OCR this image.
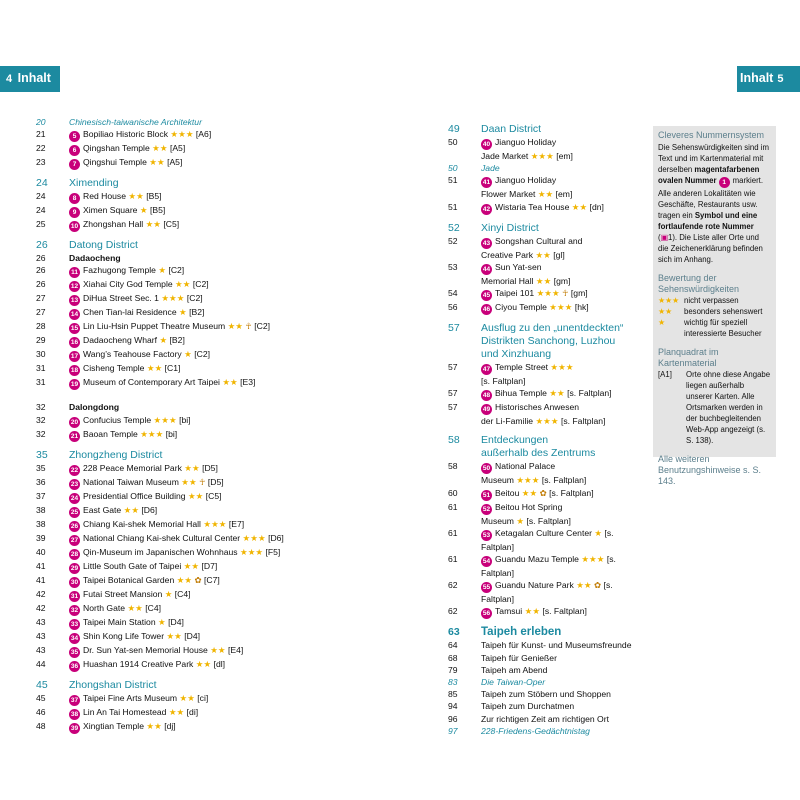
4 Inhalt	Inhalt 5
20	Chinesisch-taiwanische Architektur
21	5 Bopiliao Historic Block ★★★ [A6]
22	6 Qingshan Temple ★★ [A5]
23	7 Qingshui Temple ★★ [A5]
24	Ximending
24	8 Red House ★★ [B5]
24	9 Ximen Square ★ [B5]
25	10 Zhongshan Hall ★★ [C5]
26	Datong District
26	Dadaocheng
26	11 Fazhugong Temple ★ [C2]
26	12 Xiahai City God Temple ★★ [C2]
27	13 DiHua Street Sec. 1 ★★★ [C2]
27	14 Chen Tian-lai Residence ★ [B2]
28	15 Lin Liu-Hsin Puppet Theatre Museum ★★ ☥ [C2]
29	16 Dadaocheng Wharf ★ [B2]
30	17 Wang’s Teahouse Factory ★ [C2]
31	18 Cisheng Temple ★★ [C1]
31	19 Museum of Contemporary Art Taipei ★★ [E3]
32	Dalongdong
32	20 Confucius Temple ★★★ [bi]
32	21 Baoan Temple ★★★ [bi]
35	Zhongzheng District
35	22 228 Peace Memorial Park ★★ [D5]
36	23 National Taiwan Museum ★★ ☥ [D5]
37	24 Presidential Office Building ★★ [C5]
38	25 East Gate ★★ [D6]
38	26 Chiang Kai-shek Memorial Hall ★★★ [E7]
39	27 National Chiang Kai-shek Cultural Center ★★★ [D6]
40	28 Qin-Museum im Japanischen Wohnhaus ★★★ [F5]
41	29 Little South Gate of Taipei ★★ [D7]
41	30 Taipei Botanical Garden ★★ ✿ [C7]
42	31 Futai Street Mansion ★ [C4]
42	32 North Gate ★★ [C4]
43	33 Taipei Main Station ★ [D4]
43	34 Shin Kong Life Tower ★★ [D4]
43	35 Dr. Sun Yat-sen Memorial House ★★ [E4]
44	36 Huashan 1914 Creative Park ★★ [dl]
45	Zhongshan District
45	37 Taipei Fine Arts Museum ★★ [ci]
46	38 Lin An Tai Homestead ★★ [di]
48	39 Xingtian Temple ★★ [dj]
49	Daan District
50	40 Jianguo Holiday
Jade Market ★★★ [em]
50	Jade
51	41 Jianguo Holiday
Flower Market ★★ [em]
51	42 Wistaria Tea House ★★ [dn]
52	Xinyi District
52	43 Songshan Cultural and
Creative Park ★★ [gl]
53	44 Sun Yat-sen
Memorial Hall ★★ [gm]
54	45 Taipei 101 ★★★ ☥ [gm]
56	46 Ciyou Temple ★★★ [hk]
57	Ausflug zu den „unentdeckten“
Distrikten Sanchong, Luzhou
und Xinzhuang
57	47 Temple Street ★★★
[s. Faltplan]
57	48 Bihua Temple ★★ [s. Faltplan]
57	49 Historisches Anwesen
der Li-Familie ★★★ [s. Faltplan]
58	Entdeckungen
außerhalb des Zentrums
58	50 National Palace
Museum ★★★ [s. Faltplan]
60	51 Beitou ★★ ✿ [s. Faltplan]
61	52 Beitou Hot Spring
Museum ★ [s. Faltplan]
61	53 Ketagalan Culture Center ★ [s. Faltplan]
61	54 Guandu Mazu Temple ★★★ [s. Faltplan]
62	55 Guandu Nature Park ★★ ✿ [s. Faltplan]
62	56 Tamsui ★★ [s. Faltplan]
63	Taipeh erleben
64	Taipeh für Kunst- und Museumsfreunde
68	Taipeh für Genießer
79	Taipeh am Abend
83	Die Taiwan-Oper
85	Taipeh zum Stöbern und Shoppen
94	Taipeh zum Durchatmen
96	Zur richtigen Zeit am richtigen Ort
97	228-Friedens-Gedächtnistag
Cleveres Nummernsystem

Die Sehenswürdigkeiten sind im Text und im Kartenmaterial mit derselben magentafarbenen ovalen Nummer 1 markiert. Alle anderen Lokalitäten wie Geschäfte, Restaurants usw. tragen ein Symbol und eine fortlaufende rote Nummer (▣1). Die Liste aller Orte und die Zeichenerklärung befinden sich im Anhang.

Bewertung der Sehenswürdigkeiten
★★★ nicht verpassen
★★	besonders sehenswert
★	wichtig für speziell interessierte Besucher
Planquadrat im Kartenmaterial
[A1]	Orte ohne diese Angabe liegen außerhalb unserer Karten. Alle Ortsmarken werden in der buchbegleitenden Web-App angezeigt (s. S. 138).
Alle weiteren Benutzungshinweise s. S. 143.
